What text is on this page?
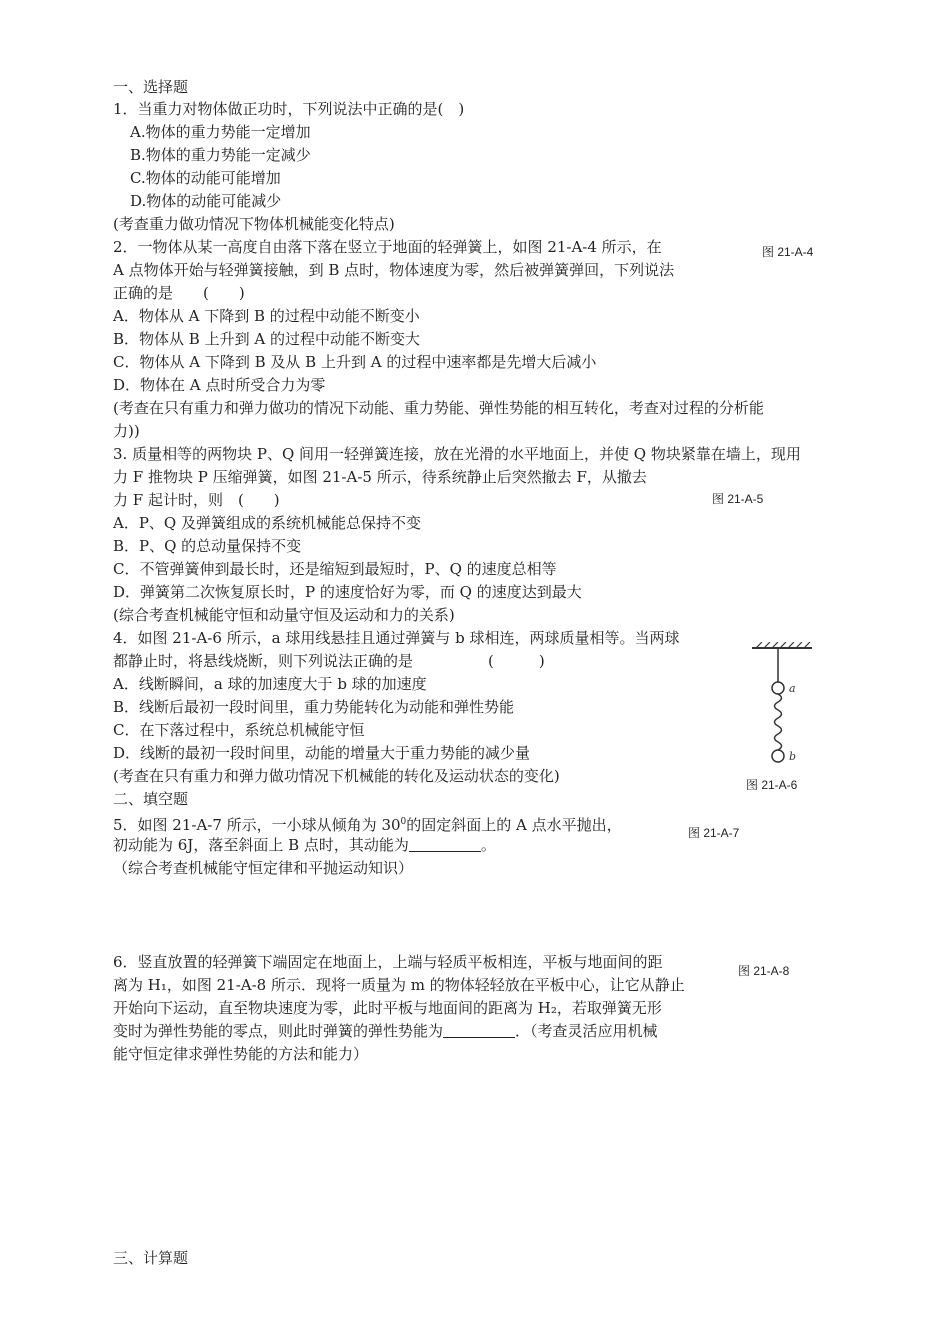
一、选择题
1．当重力对物体做正功时，下列说法中正确的是(　)
A.物体的重力势能一定增加
B.物体的重力势能一定减少
C.物体的动能可能增加
D.物体的动能可能减少
(考查重力做功情况下物体机械能变化特点)
2．一物体从某一高度自由落下落在竖立于地面的轻弹簧上，如图 21-A-4 所示，在	图 21-A-4
A 点物体开始与轻弹簧接触，到 B 点时，物体速度为零，然后被弹簧弹回，下列说法
正确的是　　(　　)
A．物体从 A 下降到 B 的过程中动能不断变小
B．物体从 B 上升到 A 的过程中动能不断变大
C．物体从 A 下降到 B 及从 B 上升到 A 的过程中速率都是先增大后减小
D．物体在 A 点时所受合力为零
(考查在只有重力和弹力做功的情况下动能、重力势能、弹性势能的相互转化，考查对过程的分析能
力))
3. 质量相等的两物块 P、Q 间用一轻弹簧连接，放在光滑的水平地面上，并使 Q 物块紧靠在墙上，现用
力 F 推物块 P 压缩弹簧，如图 21-A-5 所示，待系统静止后突然撤去 F，从撤去
力 F 起计时，则　(　　)	图 21-A-5
A．P、Q 及弹簧组成的系统机械能总保持不变
B．P、Q 的总动量保持不变
C．不管弹簧伸到最长时，还是缩短到最短时，P、Q 的速度总相等
D．弹簧第二次恢复原长时，P 的速度恰好为零，而 Q 的速度达到最大
(综合考查机械能守恒和动量守恒及运动和力的关系)
4．如图 21-A-6 所示，a 球用线悬挂且通过弹簧与 b 球相连，两球质量相等。当两球
都静止时，将悬线烧断，则下列说法正确的是　　　　　(　　　)
A．线断瞬间，a 球的加速度大于 b 球的加速度
B．线断后最初一段时间里，重力势能转化为动能和弹性势能
C．在下落过程中，系统总机械能守恒
D．线断的最初一段时间里，动能的增量大于重力势能的减少量
(考查在只有重力和弹力做功情况下机械能的转化及运动状态的变化)
a
b
图 21-A-6
二、填空题
5．如图 21-A-7 所示，一小球从倾角为 $30^0$的固定斜面上的 A 点水平抛出，	图 21-A-7
初动能为 6J，落至斜面上 B 点时，其动能为	。
（综合考查机械能守恒定律和平抛运动知识）
6．竖直放置的轻弹簧下端固定在地面上，上端与轻质平板相连，平板与地面间的距	图 21-A-8
离为 H₁，如图 21-A-8 所示．现将一质量为 m 的物体轻轻放在平板中心，让它从静止
开始向下运动，直至物块速度为零，此时平板与地面间的距离为 H₂，若取弹簧无形
变时为弹性势能的零点，则此时弹簧的弹性势能为	．（考查灵活应用机械
能守恒定律求弹性势能的方法和能力）
三、计算题
